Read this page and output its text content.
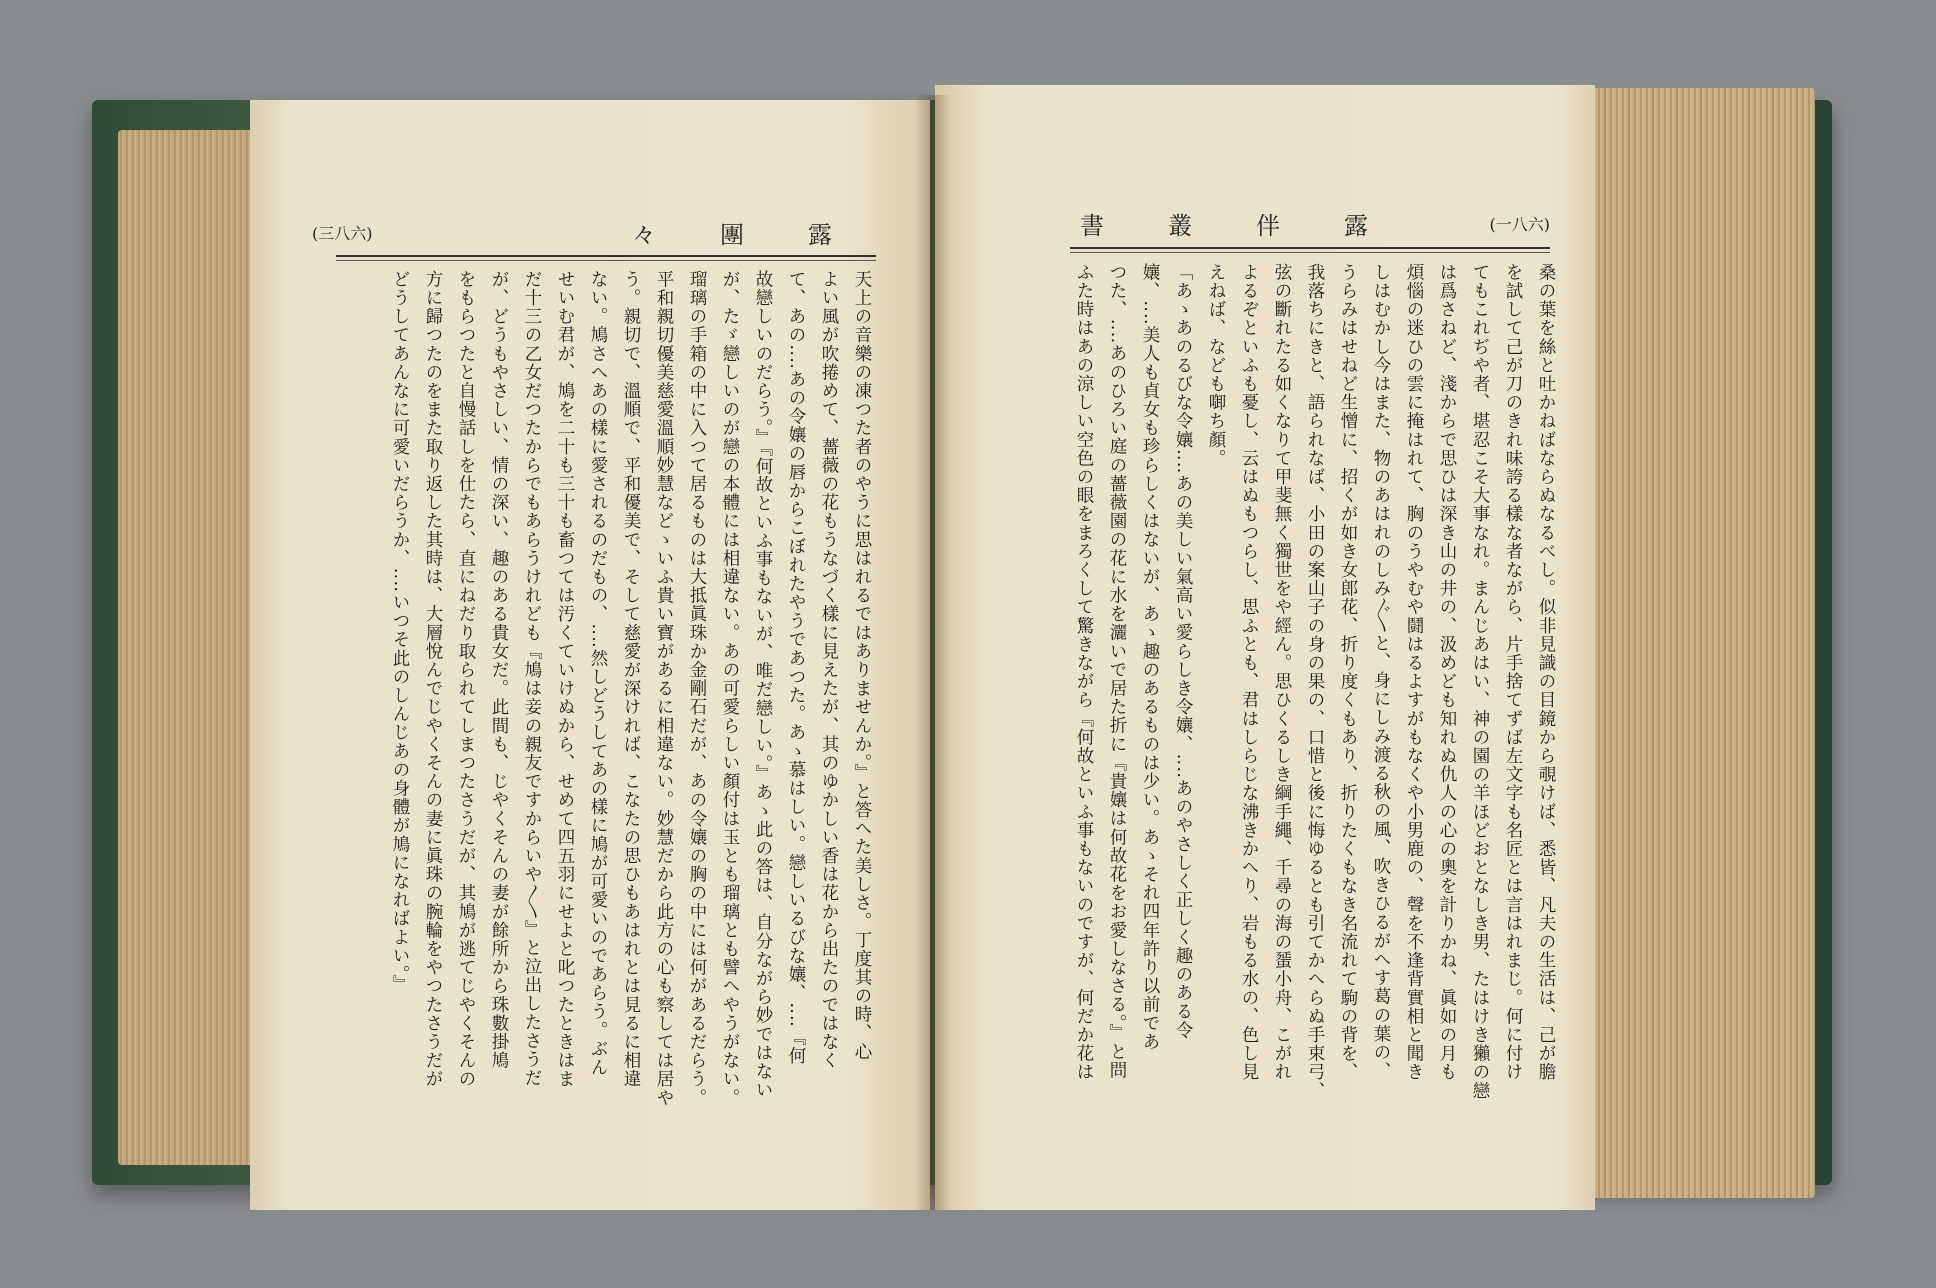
(三八六)	々	團	露
天上の音樂の凍つた者のやうに思はれるではありませんか。』と答へた美しさ。丁度其の時、心
よい風が吹捲めて、薔薇の花もうなづく樣に見えたが、其のゆかしい香は花から出たのではなく
て、あの‥‥あの令孃の唇からこぼれたやうであつた。あゝ慕はしい。戀しいるびな孃、‥‥『何
故戀しいのだらう。』『何故といふ事もないが、唯だ戀しい。』あゝ此の答は、自分ながら妙ではない
が、たゞ戀しいのが戀の本體には相違ない。あの可愛らしい顏付は玉とも瑠璃とも譬へやうがない。
瑠璃の手箱の中に入つて居るものは大抵眞珠か金剛石だが、あの令孃の胸の中には何があるだらう。
平和親切優美慈愛溫順妙慧などゝいふ貴い寶があるに相違ない。妙慧だから此方の心も察しては居や
う。親切で、溫順で、平和優美で、そして慈愛が深ければ、こなたの思ひもあはれとは見るに相違
ない。鳩さへあの樣に愛されるのだもの、‥‥然しどうしてあの樣に鳩が可愛いのであらう。ぶん
せいむ君が、鳩を二十も三十も畜つては汚くていけぬから、せめて四五羽にせよと叱つたときはま
だ十三の乙女だつたからでもあらうけれども『鳩は妾の親友ですからいや〳〵』と泣出したさうだ
が、どうもやさしい、情の深い、趣のある貴女だ。此間も、じやくそんの妻が餘所から珠數掛鳩
をもらつたと自慢話しを仕たら、直にねだり取られてしまつたさうだが、其鳩が逃てじやくそんの
方に歸つたのをまた取り返した其時は、大層悅んでじやくそんの妻に眞珠の腕輪をやつたさうだが
どうしてあんなに可愛いだらうか、‥‥いつそ此のしんじあの身體が鳩になればよい。』
書	叢	伴	露	(一八六)
桑の葉を絲と吐かねばならぬなるべし。似非見識の目鏡から覗けば、悉皆、凡夫の生活は、己が膽
を試して己が刀のきれ味誇る樣な者ながら、片手捨てずば左文字も名匠とは言はれまじ。何に付け
てもこれぢや者、堪忍こそ大事なれ。まんじあはい、神の園の羊ほどおとなしき男、たはけき獺の戀
は爲さねど、淺からで思ひは深き山の井の、汲めども知れぬ仇人の心の奧を計りかね、眞如の月も
煩惱の迷ひの雲に掩はれて、胸のうやむや鬪はるよすがもなくや小男鹿の、聲を不逢背實相と聞き
しはむかし今はまた、物のあはれのしみ〴〵と、身にしみ渡る秋の風、吹きひるがへす葛の葉の、
うらみはせねど生憎に、招くが如き女郎花、折り度くもあり、折りたくもなき名流れて駒の背を、
我落ちにきと、語られなば、小田の案山子の身の果の、口惜と後に悔ゆるとも引てかへらぬ手束弓、
弦の斷れたる如くなりて甲斐無く獨世をや經ん。思ひくるしき綱手繩、千尋の海の蜑小舟、こがれ
よるぞといふも憂し、云はぬもつらし、思ふとも、君はしらじな沸きかへり、岩もる水の、色し見
えねば、なども啣ち顏。
「あゝあのるびな令孃‥‥あの美しい氣高い愛らしき令孃、‥‥あのやさしく正しく趣のある令
孃、‥‥美人も貞女も珍らしくはないが、あゝ趣のあるものは少い。あゝそれ四年許り以前であ
つた、‥‥あのひろい庭の薔薇園の花に水を灑いで居た折に『貴孃は何故花をお愛しなさる。』と問
ふた時はあの涼しい空色の眼をまろくして驚きながら『何故といふ事もないのですが、何だか花は
